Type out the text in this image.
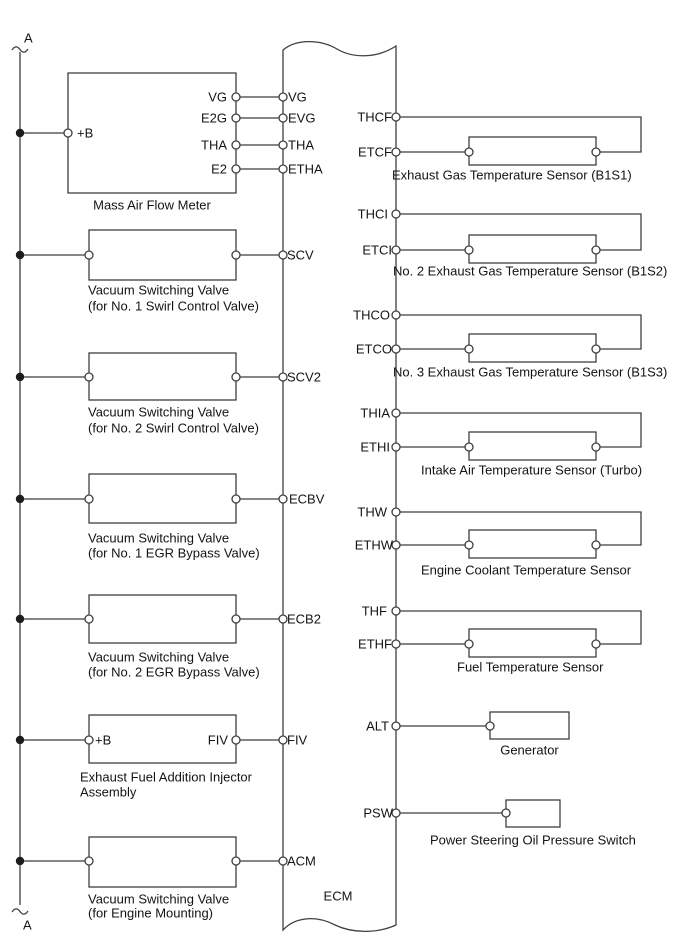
A
A
ECM
Mass Air Flow Meter
+B
VG
E2G
THA
E2
VG
EVG
THA
ETHA
Vacuum Switching Valve
(for No. 1 Swirl Control Valve)
SCV
Vacuum Switching Valve
(for No. 2 Swirl Control Valve)
SCV2
Vacuum Switching Valve
(for No. 1 EGR Bypass Valve)
ECBV
Vacuum Switching Valve
(for No. 2 EGR Bypass Valve)
ECB2
Exhaust Fuel Addition Injector
Assembly
+B	FIV	FIV
Vacuum Switching Valve
(for Engine Mounting)
ACM
THCF
ETCF
Exhaust Gas Temperature Sensor (B1S1)
THCI
ETCI
No. 2 Exhaust Gas Temperature Sensor (B1S2)
THCO
ETCO
No. 3 Exhaust Gas Temperature Sensor (B1S3)
THIA
ETHI
Intake Air Temperature Sensor (Turbo)
THW
ETHW
Engine Coolant Temperature Sensor
THF
ETHF
Fuel Temperature Sensor
ALT
Generator
PSW
Power Steering Oil Pressure Switch
